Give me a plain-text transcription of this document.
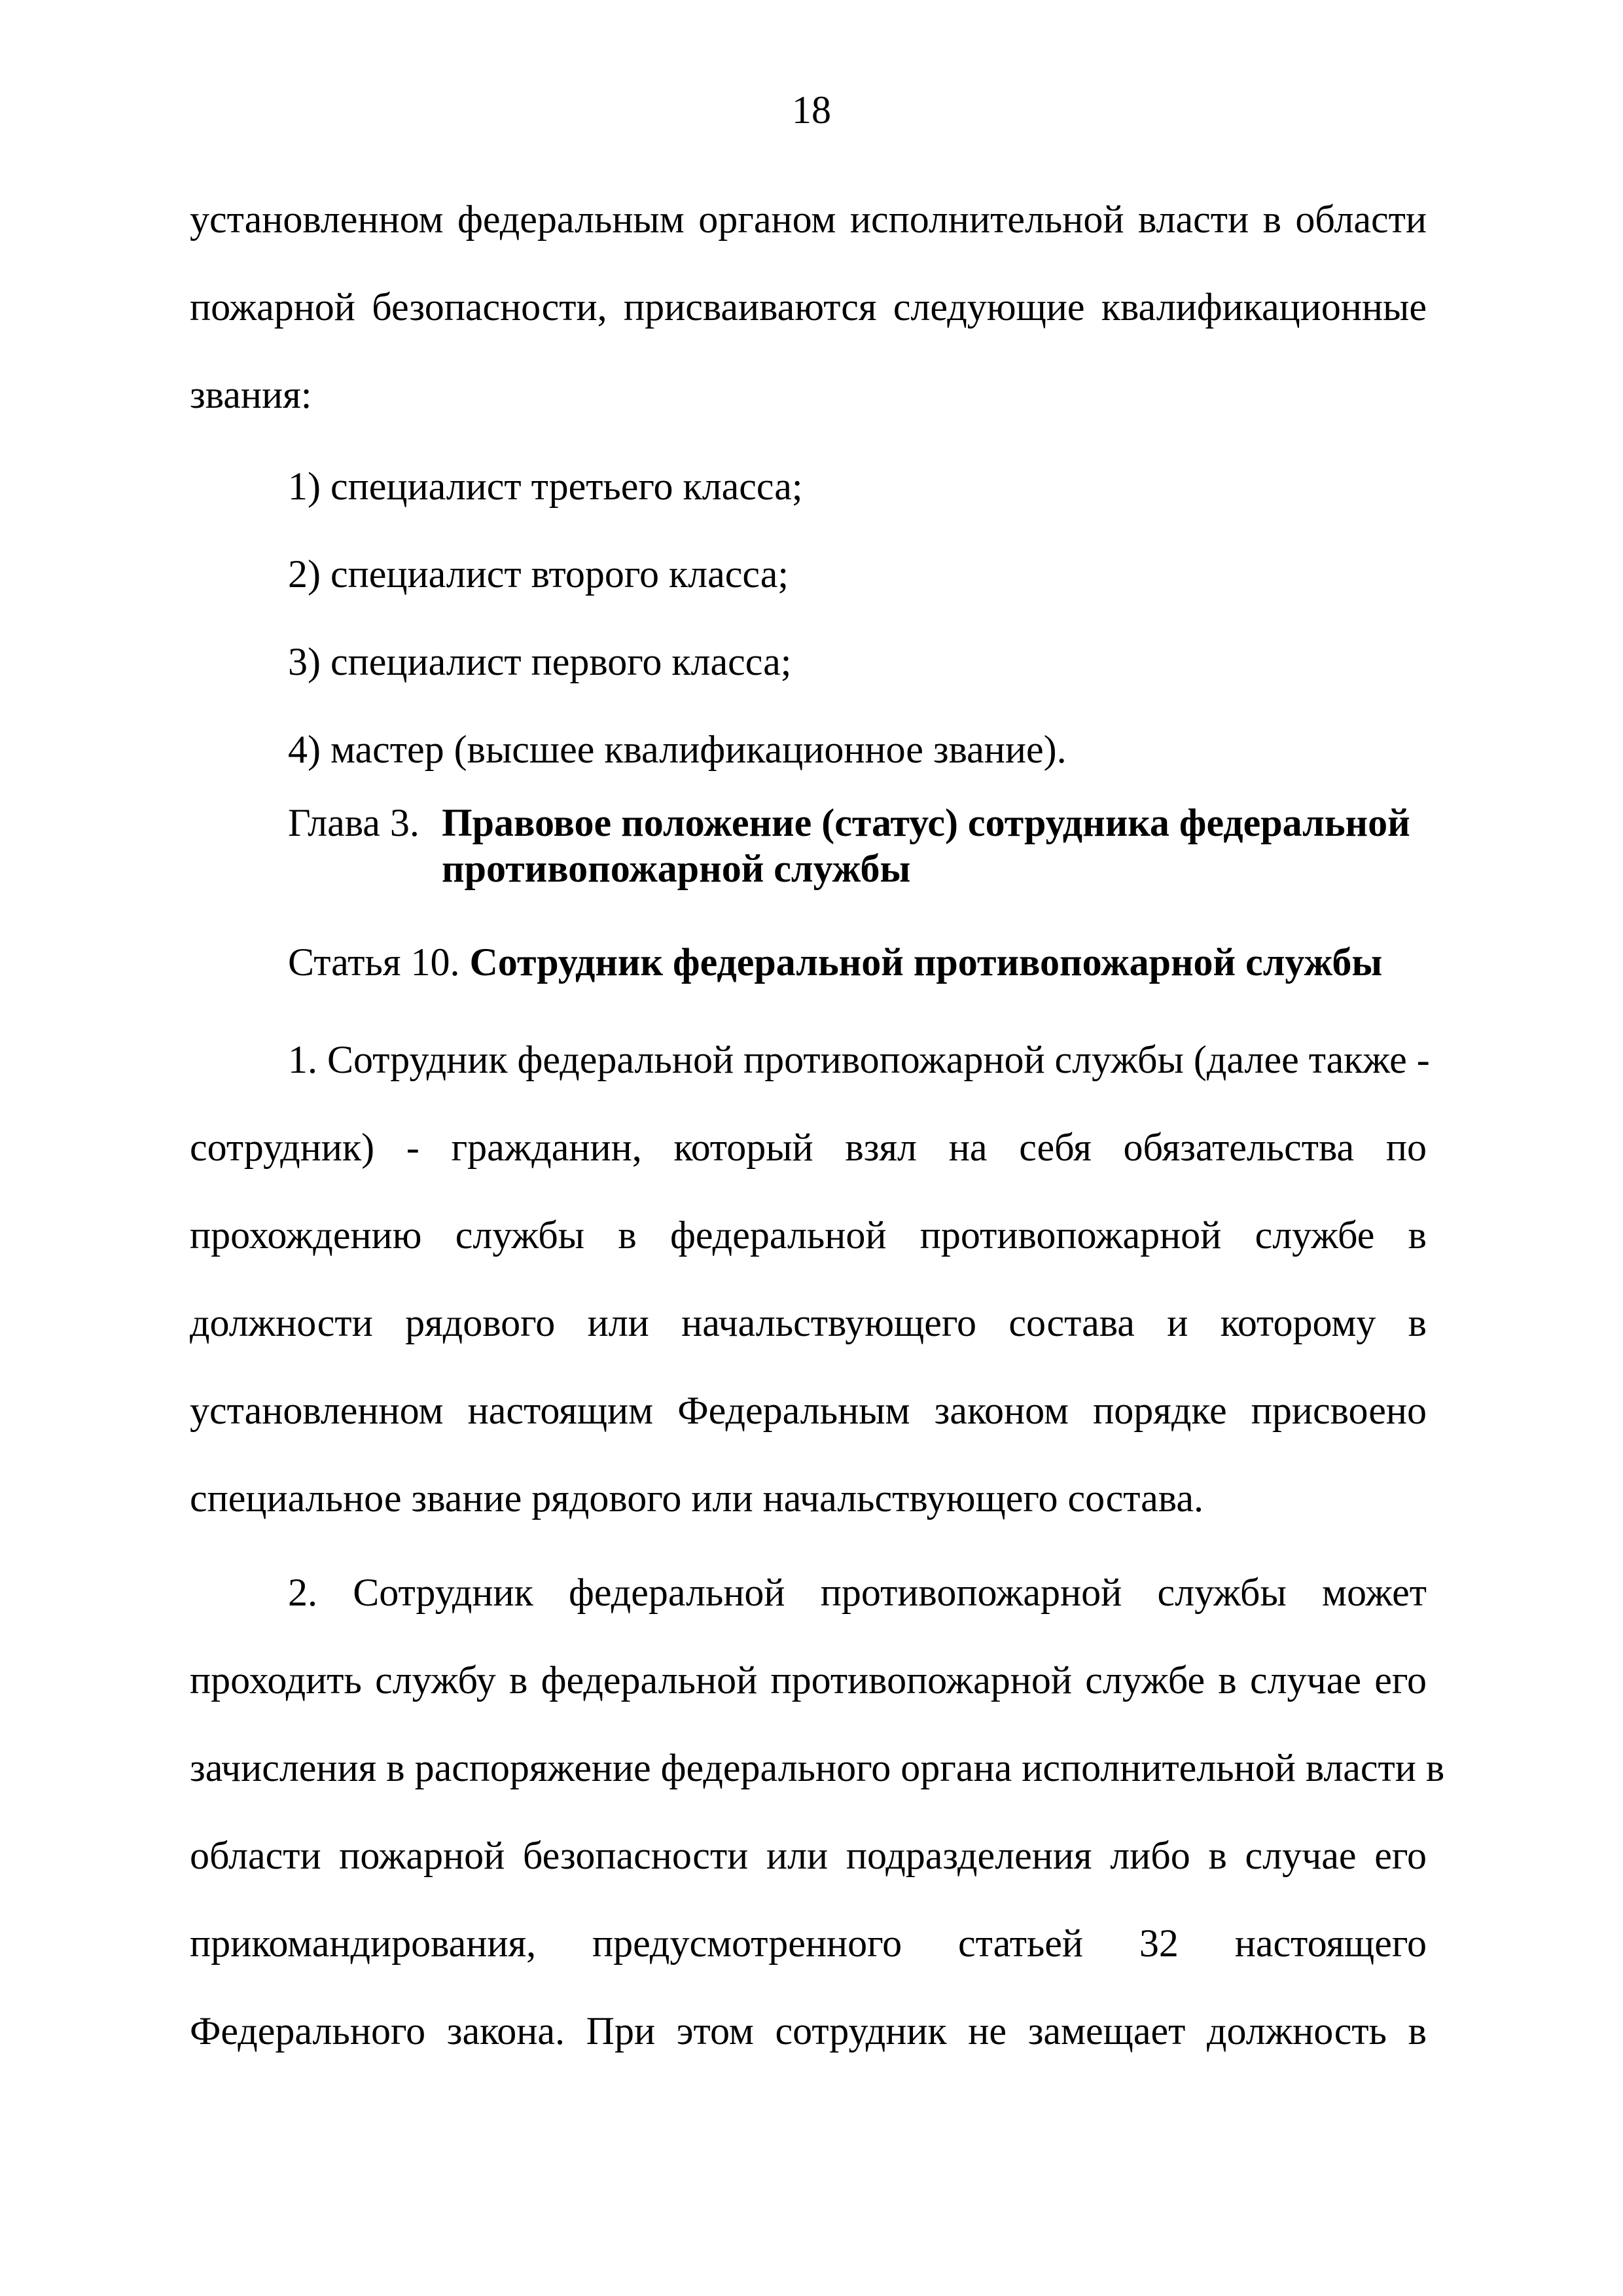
18
установленном федеральным органом исполнительной власти в области
пожарной безопасности, присваиваются следующие квалификационные
звания:
1) специалист третьего класса;
2) специалист второго класса;
3) специалист первого класса;
4) мастер (высшее квалификационное звание).
Глава 3. Правовое положение (статус) сотрудника федеральной
противопожарной службы
Статья 10. Сотрудник федеральной противопожарной службы
1. Сотрудник федеральной противопожарной службы (далее также -
сотрудник) - гражданин, который взял на себя обязательства по
прохождению службы в федеральной противопожарной службе в
должности рядового или начальствующего состава и которому в
установленном настоящим Федеральным законом порядке присвоено
специальное звание рядового или начальствующего состава.
2. Сотрудник федеральной противопожарной службы может
проходить службу в федеральной противопожарной службе в случае его
зачисления в распоряжение федерального органа исполнительной власти в
области пожарной безопасности или подразделения либо в случае его
прикомандирования, предусмотренного статьей 32 настоящего
Федерального закона. При этом сотрудник не замещает должность в
